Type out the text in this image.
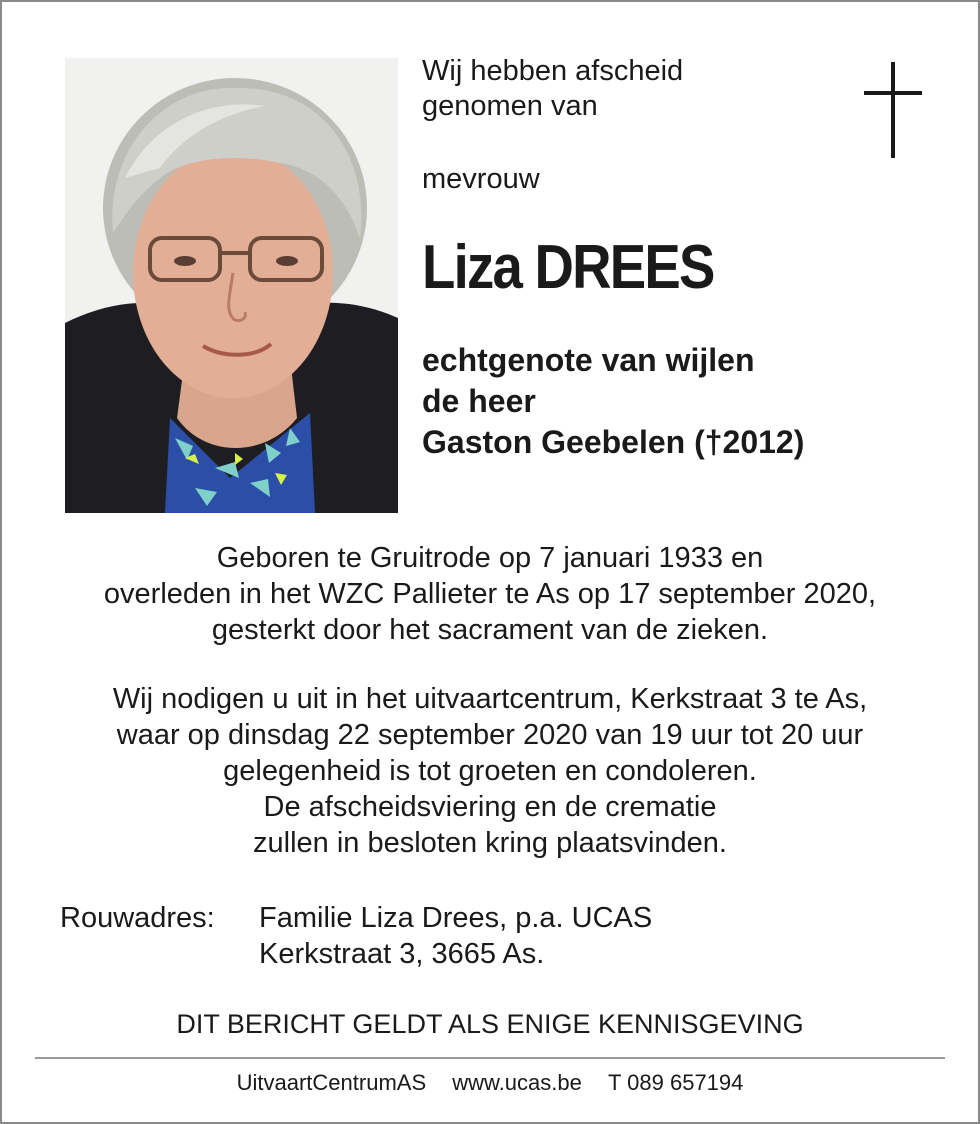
Wij hebben afscheid
genomen van
mevrouw
Liza DREES
echtgenote van wijlen
de heer
Gaston Geebelen (†2012)
Geboren te Gruitrode op 7 januari 1933 en
overleden in het WZC Pallieter te As op 17 september 2020,
gesterkt door het sacrament van de zieken.
Wij nodigen u uit in het uitvaartcentrum, Kerkstraat 3 te As,
waar op dinsdag 22 september 2020 van 19 uur tot 20 uur
gelegenheid is tot groeten en condoleren.
De afscheidsviering en de crematie
zullen in besloten kring plaatsvinden.
Rouwadres: Familie Liza Drees, p.a. UCAS
Kerkstraat 3, 3665 As.
DIT BERICHT GELDT ALS ENIGE KENNISGEVING
UitvaartCentrumAS www.ucas.be T 089 657194
